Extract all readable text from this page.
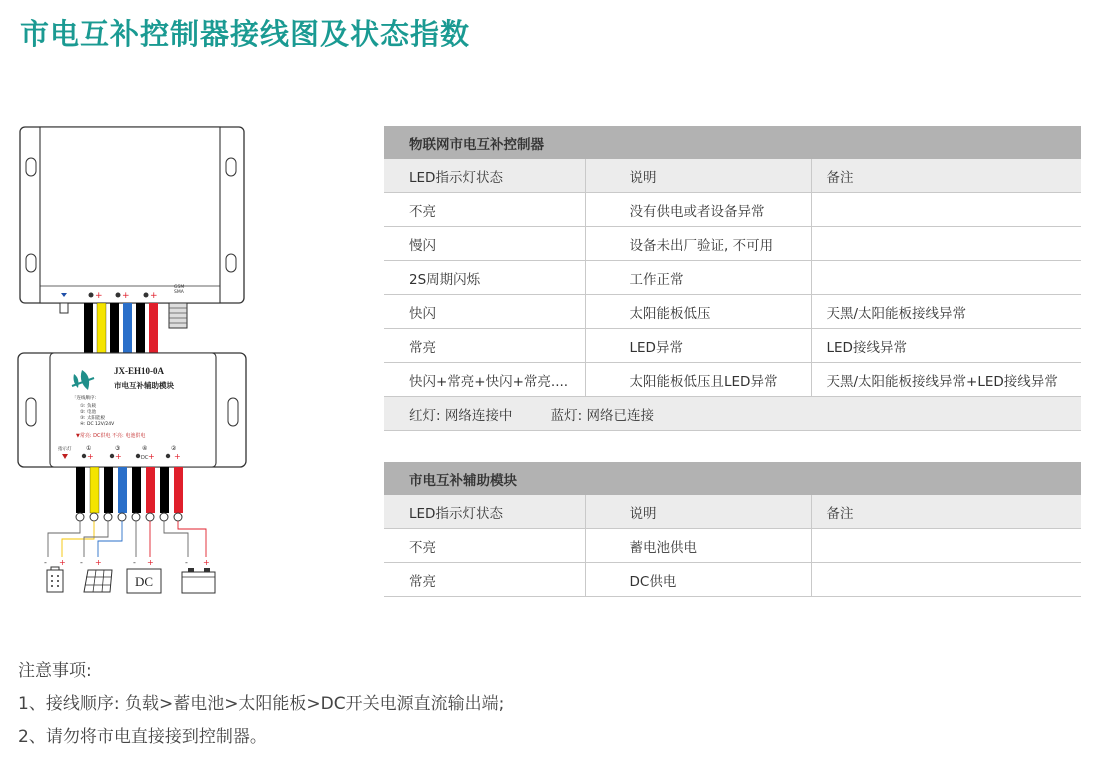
市电互补控制器接线图及状态指数
+ + +
GSM
SMA
JX-EH10-0A
市电互补辅助模块
「连线顺序:
①: 负载
②: 电池
③: 太阳能板
④: DC 12V/24V
▼常亮: DC供电 不亮: 电池供电
指示灯 ①	③	④	②
+	+	DC + +
- + - +	- +	- +
DC
物联网市电互补控制器		
LED指示灯状态	说明	备注
不亮	没有供电或者设备异常	
慢闪	设备未出厂验证, 不可用	
2S周期闪烁	工作正常	
快闪	太阳能板低压	天黑/太阳能板接线异常
常亮	LED异常	LED接线异常
快闪+常亮+快闪+常亮....	太阳能板低压且LED异常	天黑/太阳能板接线异常+LED接线异常
红灯: 网络连接中 蓝灯: 网络已连接		
市电互补辅助模块		
LED指示灯状态	说明	备注
不亮	蓄电池供电	
常亮	DC供电	

注意事项:

1、接线顺序: 负载>蓄电池>太阳能板>DC开关电源直流输出端;

2、请勿将市电直接接到控制器。
